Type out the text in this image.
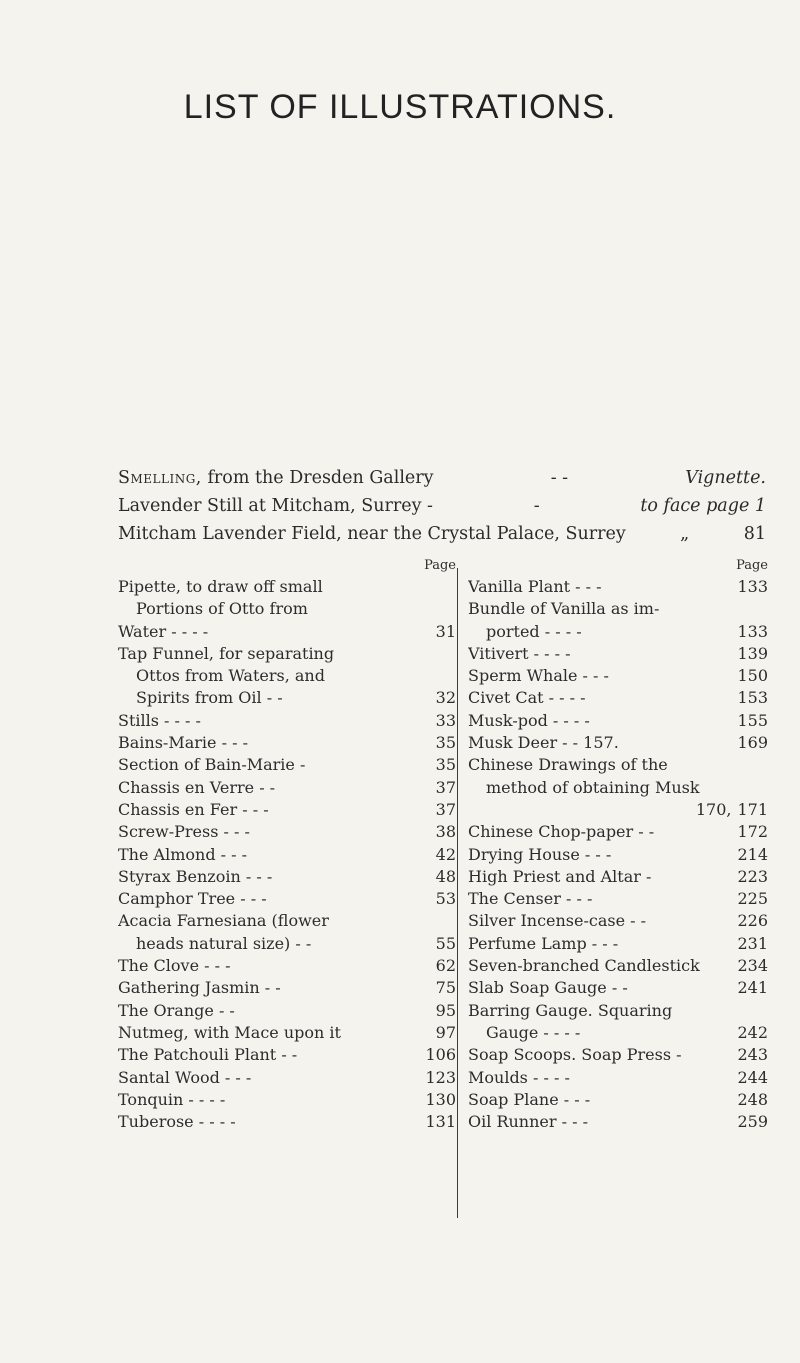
LIST OF ILLUSTRATIONS.
Smelling, from the Dresden Gallery	- -	Vignette.
Lavender Still at Mitcham, Surrey -	-	to face page 1
Mitcham Lavender Field, near the Crystal Palace, Surrey	„	81
Page
Pipette, to draw off small
Portions of Otto from
Water - - - -	31
Tap Funnel, for separating
Ottos from Waters, and
Spirits from Oil - -	32
Stills - - - -	33
Bains-Marie - - -	35
Section of Bain-Marie -	35
Chassis en Verre - -	37
Chassis en Fer - - -	37
Screw-Press - - -	38
The Almond - - -	42
Styrax Benzoin - - -	48
Camphor Tree - - -	53
Acacia Farnesiana (flower
heads natural size) - -	55
The Clove - - -	62
Gathering Jasmin - -	75
The Orange - -	95
Nutmeg, with Mace upon it	97
The Patchouli Plant - -	106
Santal Wood - - -	123
Tonquin - - - -	130
Tuberose - - - -	131
Page
Vanilla Plant - - -	133
Bundle of Vanilla as im-
ported - - - -	133
Vitivert - - - -	139
Sperm Whale - - -	150
Civet Cat - - - -	153
Musk-pod - - - -	155
Musk Deer - - 157.	169
Chinese Drawings of the
method of obtaining Musk
170, 171
Chinese Chop-paper - -	172
Drying House - - -	214
High Priest and Altar -	223
The Censer - - -	225
Silver Incense-case - -	226
Perfume Lamp - - -	231
Seven-branched Candlestick	234
Slab Soap Gauge - -	241
Barring Gauge. Squaring
Gauge - - - -	242
Soap Scoops. Soap Press -	243
Moulds - - - -	244
Soap Plane - - -	248
Oil Runner - - -	259
